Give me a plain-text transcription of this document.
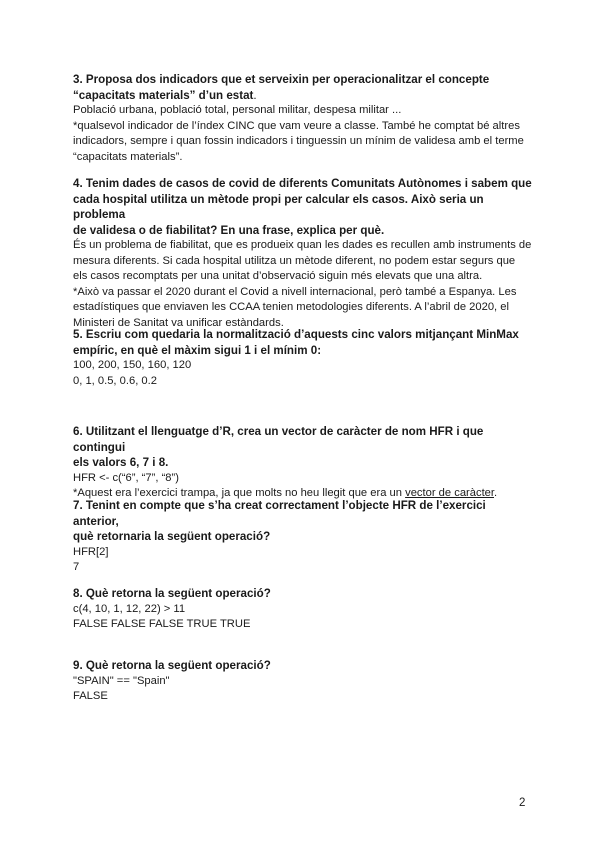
3. Proposa dos indicadors que et serveixin per operacionalitzar el concepte

“capacitats materials” d’un estat.

Població urbana, població total, personal militar, despesa militar ...

*qualsevol indicador de l’índex CINC que vam veure a classe. També he comptat bé altres

indicadors, sempre i quan fossin indicadors i tinguessin un mínim de validesa amb el terme

“capacitats materials”.

4. Tenim dades de casos de covid de diferents Comunitats Autònomes i sabem que

cada hospital utilitza un mètode propi per calcular els casos. Això seria un problema

de validesa o de fiabilitat? En una frase, explica per què.

És un problema de fiabilitat, que es produeix quan les dades es recullen amb instruments de

mesura diferents. Si cada hospital utilitza un mètode diferent, no podem estar segurs que

els casos recomptats per una unitat d’observació siguin més elevats que una altra.

*Això va passar el 2020 durant el Covid a nivell internacional, però també a Espanya. Les

estadístiques que enviaven les CCAA tenien metodologies diferents. A l’abril de 2020, el

Ministeri de Sanitat va unificar estàndards.

5. Escriu com quedaria la normalització d’aquests cinc valors mitjançant MinMax

empíric, en què el màxim sigui 1 i el mínim 0:

100, 200, 150, 160, 120

0, 1, 0.5, 0.6, 0.2

6. Utilitzant el llenguatge d’R, crea un vector de caràcter de nom HFR i que contingui

els valors 6, 7 i 8.

HFR <- c(“6”, “7”, “8”)

*Aquest era l’exercici trampa, ja que molts no heu llegit que era un vector de caràcter.

7. Tenint en compte que s’ha creat correctament l’objecte HFR de l’exercici anterior,

què retornaria la següent operació?

HFR[2]

7

8. Què retorna la següent operació?

c(4, 10, 1, 12, 22) > 11

FALSE FALSE FALSE TRUE TRUE

9. Què retorna la següent operació?

"SPAIN" == "Spain"

FALSE

2
